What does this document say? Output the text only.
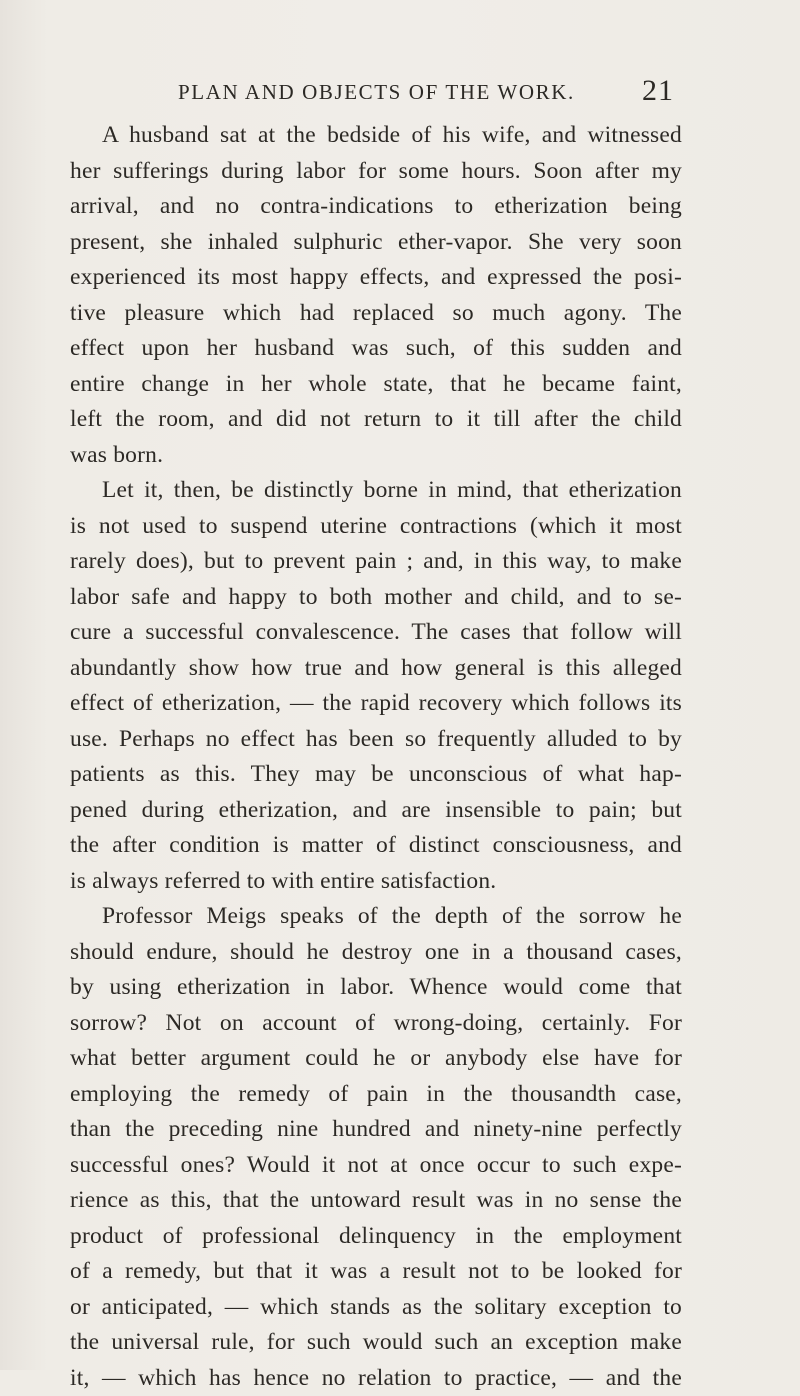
PLAN AND OBJECTS OF THE WORK.	21
A husband sat at the bedside of his wife, and witnessed
her sufferings during labor for some hours. Soon after my
arrival, and no contra-indications to etherization being
present, she inhaled sulphuric ether-vapor. She very soon
experienced its most happy effects, and expressed the posi-
tive pleasure which had replaced so much agony. The
effect upon her husband was such, of this sudden and
entire change in her whole state, that he became faint,
left the room, and did not return to it till after the child
was born.
Let it, then, be distinctly borne in mind, that etherization
is not used to suspend uterine contractions (which it most
rarely does), but to prevent pain ; and, in this way, to make
labor safe and happy to both mother and child, and to se-
cure a successful convalescence. The cases that follow will
abundantly show how true and how general is this alleged
effect of etherization, — the rapid recovery which follows its
use. Perhaps no effect has been so frequently alluded to by
patients as this. They may be unconscious of what hap-
pened during etherization, and are insensible to pain; but
the after condition is matter of distinct consciousness, and
is always referred to with entire satisfaction.
Professor Meigs speaks of the depth of the sorrow he
should endure, should he destroy one in a thousand cases,
by using etherization in labor. Whence would come that
sorrow? Not on account of wrong-doing, certainly. For
what better argument could he or anybody else have for
employing the remedy of pain in the thousandth case,
than the preceding nine hundred and ninety-nine perfectly
successful ones? Would it not at once occur to such expe-
rience as this, that the untoward result was in no sense the
product of professional delinquency in the employment
of a remedy, but that it was a result not to be looked for
or anticipated, — which stands as the solitary exception to
the universal rule, for such would such an exception make
it, — which has hence no relation to practice, — and the
